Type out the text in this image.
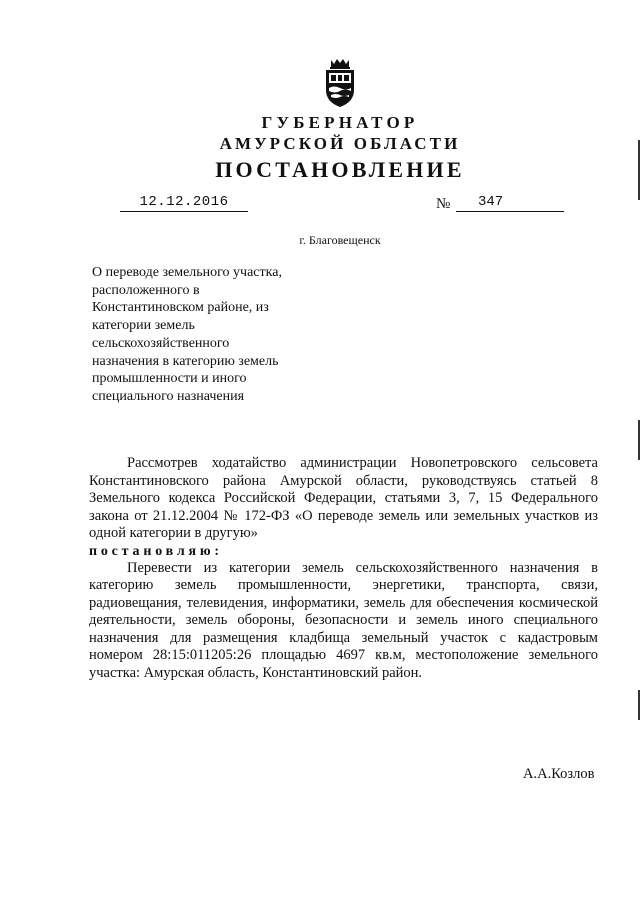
ГУБЕРНАТОР
АМУРСКОЙ ОБЛАСТИ
ПОСТАНОВЛЕНИЕ
12.12.2016	№	347
г. Благовещенск
О переводе земельного участка,
расположенного в
Константиновском районе, из
категории земель
сельскохозяйственного
назначения в категорию земель
промышленности и иного
специального назначения

Рассмотрев ходатайство администрации Новопетровского сельсовета Константиновского района Амурской области, руководствуясь статьей 8 Земельного кодекса Российской Федерации, статьями 3, 7, 15 Федерального закона от 21.12.2004 № 172-ФЗ «О переводе земель или земельных участков из одной категории в другую»

постановляю:

Перевести из категории земель сельскохозяйственного назначения в категорию земель промышленности, энергетики, транспорта, связи, радиовещания, телевидения, информатики, земель для обеспечения космической деятельности, земель обороны, безопасности и земель иного специального назначения для размещения кладбища земельный участок с кадастровым номером 28:15:011205:26 площадью 4697 кв.м, местоположение земельного участка: Амурская область, Константиновский район.

А.А.Козлов
